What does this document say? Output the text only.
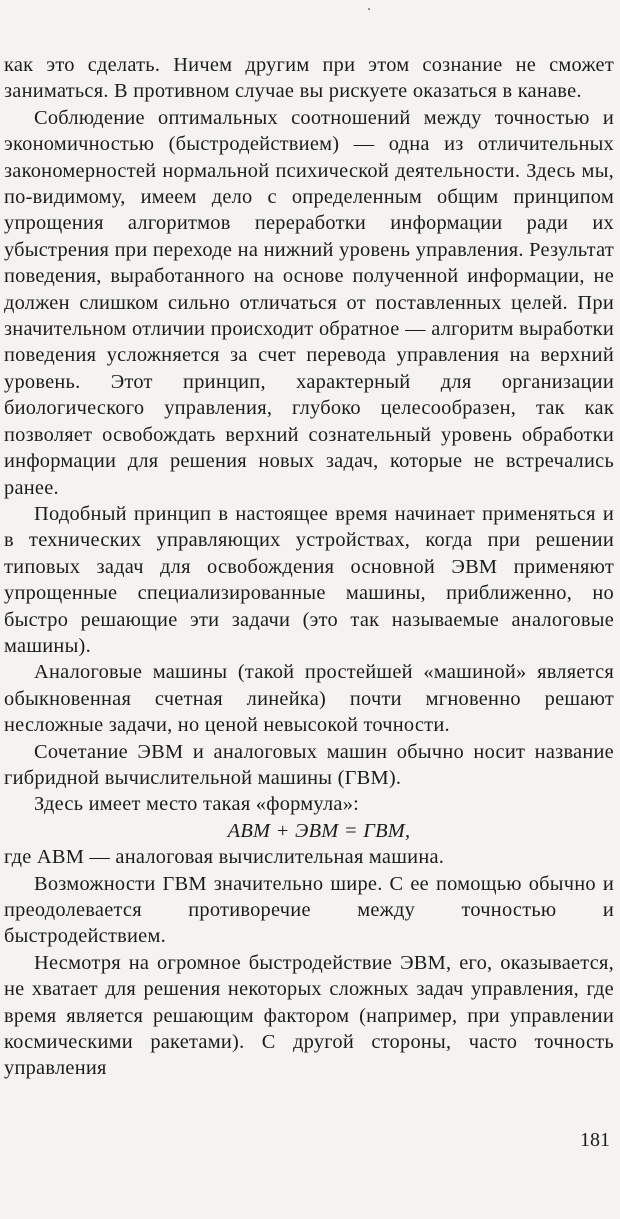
как это сделать. Ничем другим при этом сознание не сможет заниматься. В противном случае вы рискуете оказаться в канаве.

Соблюдение оптимальных соотношений между точностью и экономичностью (быстродействием) — одна из отличительных закономерностей нормальной психической деятельности. Здесь мы, по-видимому, имеем дело с определенным общим принципом упрощения алгоритмов переработки информации ради их убыстрения при переходе на нижний уровень управления. Результат поведения, выработанного на основе полученной информации, не должен слишком сильно отличаться от поставленных целей. При значительном отличии происходит обратное — алгоритм выработки поведения усложняется за счет перевода управления на верхний уровень. Этот принцип, характерный для организации биологического управления, глубоко целесообразен, так как позволяет освобождать верхний сознательный уровень обработки информации для решения новых задач, которые не встречались ранее.

Подобный принцип в настоящее время начинает применяться и в технических управляющих устройствах, когда при решении типовых задач для освобождения основной ЭВМ применяют упрощенные специализированные машины, приближенно, но быстро решающие эти задачи (это так называемые аналоговые машины).

Аналоговые машины (такой простейшей «машиной» является обыкновенная счетная линейка) почти мгновенно решают несложные задачи, но ценой невысокой точности.

Сочетание ЭВМ и аналоговых машин обычно носит название гибридной вычислительной машины (ГВМ).

Здесь имеет место такая «формула»:

АВМ + ЭВМ = ГВМ,

где АВМ — аналоговая вычислительная машина.

Возможности ГВМ значительно шире. С ее помощью обычно и преодолевается противоречие между точностью и быстродействием.

Несмотря на огромное быстродействие ЭВМ, его, оказывается, не хватает для решения некоторых сложных задач управления, где время является решающим фактором (например, при управлении космическими ракетами). С другой стороны, часто точность управления

181
